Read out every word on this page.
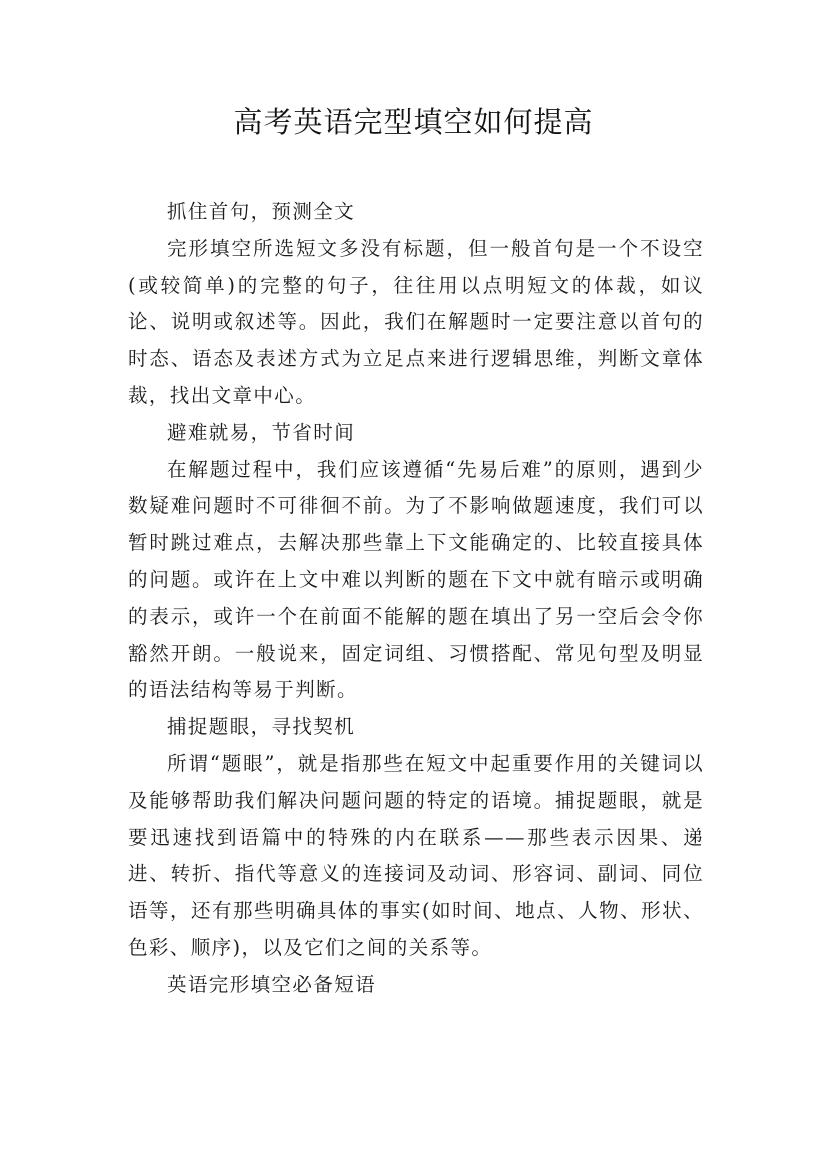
高考英语完型填空如何提高

抓住首句，预测全文

完形填空所选短文多没有标题，但一般首句是一个不设空(或较简单)的完整的句子，往往用以点明短文的体裁，如议论、说明或叙述等。因此，我们在解题时一定要注意以首句的时态、语态及表述方式为立足点来进行逻辑思维，判断文章体裁，找出文章中心。

避难就易，节省时间

在解题过程中，我们应该遵循“先易后难”的原则，遇到少数疑难问题时不可徘徊不前。为了不影响做题速度，我们可以暂时跳过难点，去解决那些靠上下文能确定的、比较直接具体的问题。或许在上文中难以判断的题在下文中就有暗示或明确的表示，或许一个在前面不能解的题在填出了另一空后会令你豁然开朗。一般说来，固定词组、习惯搭配、常见句型及明显的语法结构等易于判断。

捕捉题眼，寻找契机

所谓“题眼”，就是指那些在短文中起重要作用的关键词以及能够帮助我们解决问题问题的特定的语境。捕捉题眼，就是要迅速找到语篇中的特殊的内在联系——那些表示因果、递进、转折、指代等意义的连接词及动词、形容词、副词、同位语等，还有那些明确具体的事实(如时间、地点、人物、形状、色彩、顺序)，以及它们之间的关系等。

英语完形填空必备短语
